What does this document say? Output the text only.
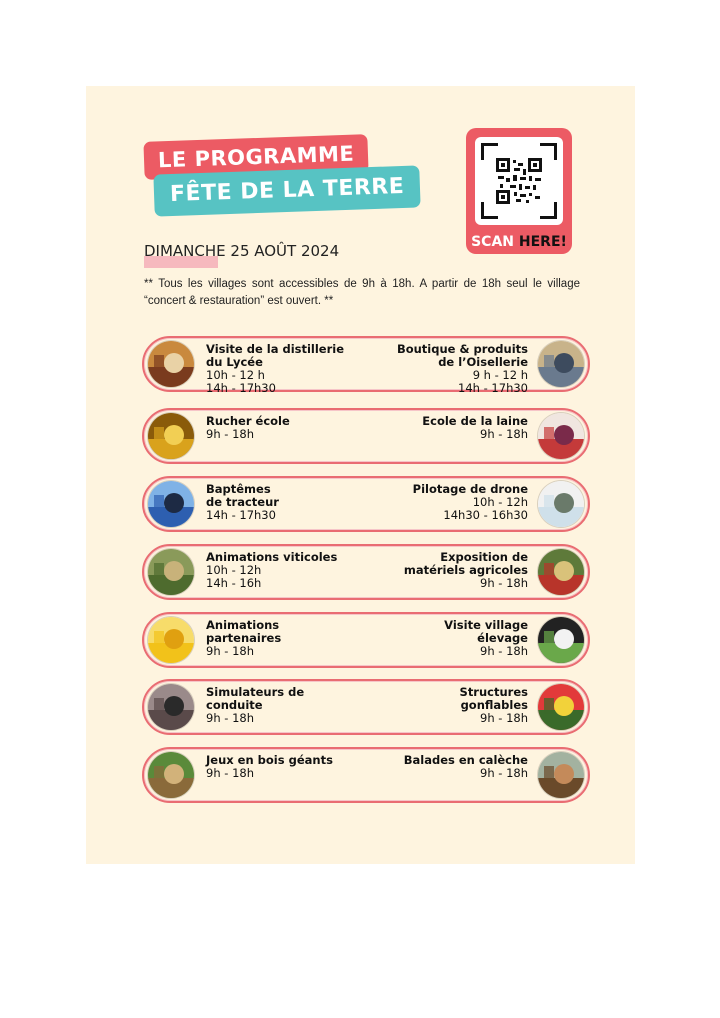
LE PROGRAMME
FÊTE DE LA TERRE
SCAN HERE!
DIMANCHE 25 AOÛT 2024
** Tous les villages sont accessibles de 9h à 18h. A partir de 18h seul le village “concert & restauration” est ouvert. **
Visite de la distillerie
du Lycée
10h - 12 h
14h - 17h30
Boutique & produits
de l’Oisellerie
9 h - 12 h
14h - 17h30
Rucher école
9h - 18h
Ecole de la laine
9h - 18h
Baptêmes
de tracteur
14h - 17h30
Pilotage de drone
10h - 12h
14h30 - 16h30
Animations viticoles
10h - 12h
14h - 16h
Exposition de
matériels agricoles
9h - 18h
Animations
partenaires
9h - 18h
Visite village
élevage
9h - 18h
Simulateurs de
conduite
9h - 18h
Structures
gonflables
9h - 18h
Jeux en bois géants
9h - 18h
Balades en calèche
9h - 18h
